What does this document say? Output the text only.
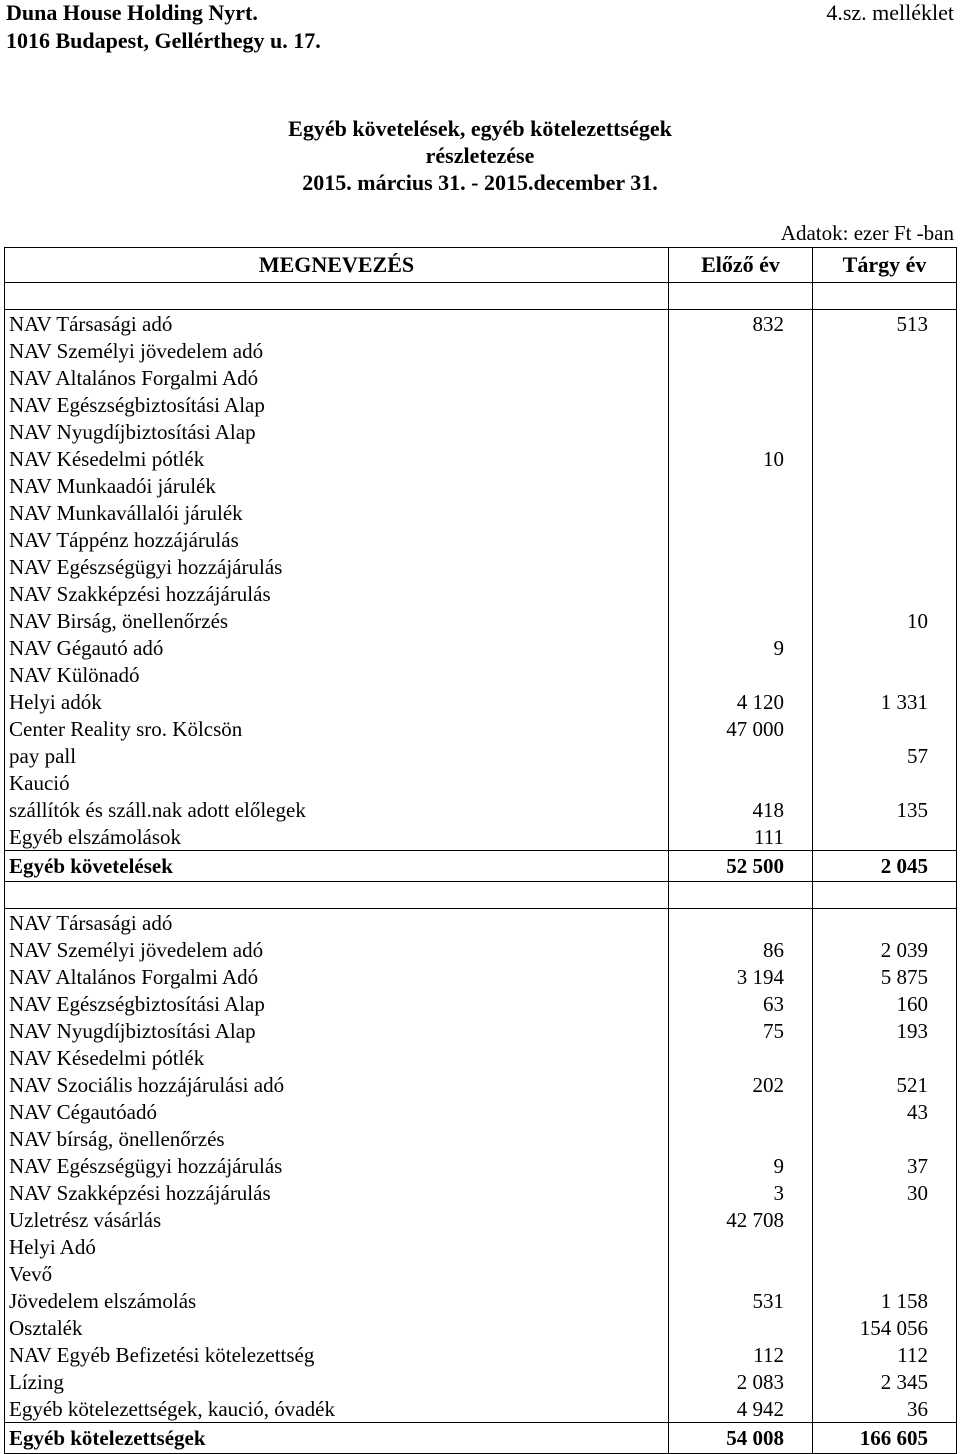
Duna House Holding Nyrt.
1016 Budapest, Gellérthegy u. 17.
4.sz. melléklet
Egyéb követelések, egyéb kötelezettségek
részletezése
2015. március 31. - 2015.december 31.
Adatok: ezer Ft -ban
MEGNEVEZÉS	Előző év	Tárgy év

NAV Társasági adó	832	513
NAV Személyi jövedelem adó		
NAV Altalános Forgalmi Adó		
NAV Egészségbiztosítási Alap		
NAV Nyugdíjbiztosítási Alap		
NAV Késedelmi pótlék	10	
NAV Munkaadói járulék		
NAV Munkavállalói járulék		
NAV Táppénz hozzájárulás		
NAV Egészségügyi hozzájárulás		
NAV Szakképzési hozzájárulás		
NAV Birság, önellenőrzés		10
NAV Gégautó adó	9	
NAV Különadó		
Helyi adók	4 120	1 331
Center Reality sro. Kölcsön	47 000	
pay pall		57
Kaució		
szállítók és száll.nak adott előlegek	418	135
Egyéb elszámolások	111	
Egyéb követelések	52 500	2 045

NAV Társasági adó		
NAV Személyi jövedelem adó	86	2 039
NAV Altalános Forgalmi Adó	3 194	5 875
NAV Egészségbiztosítási Alap	63	160
NAV Nyugdíjbiztosítási Alap	75	193
NAV Késedelmi pótlék		
NAV Szociális hozzájárulási adó	202	521
NAV Cégautóadó		43
NAV bírság, önellenőrzés		
NAV Egészségügyi hozzájárulás	9	37
NAV Szakképzési hozzájárulás	3	30
Uzletrész vásárlás	42 708	
Helyi Adó		
Vevő		
Jövedelem elszámolás	531	1 158
Osztalék		154 056
NAV Egyéb Befizetési kötelezettség	112	112
Lízing	2 083	2 345
Egyéb kötelezettségek, kaució, óvadék	4 942	36
Egyéb kötelezettségek	54 008	166 605
